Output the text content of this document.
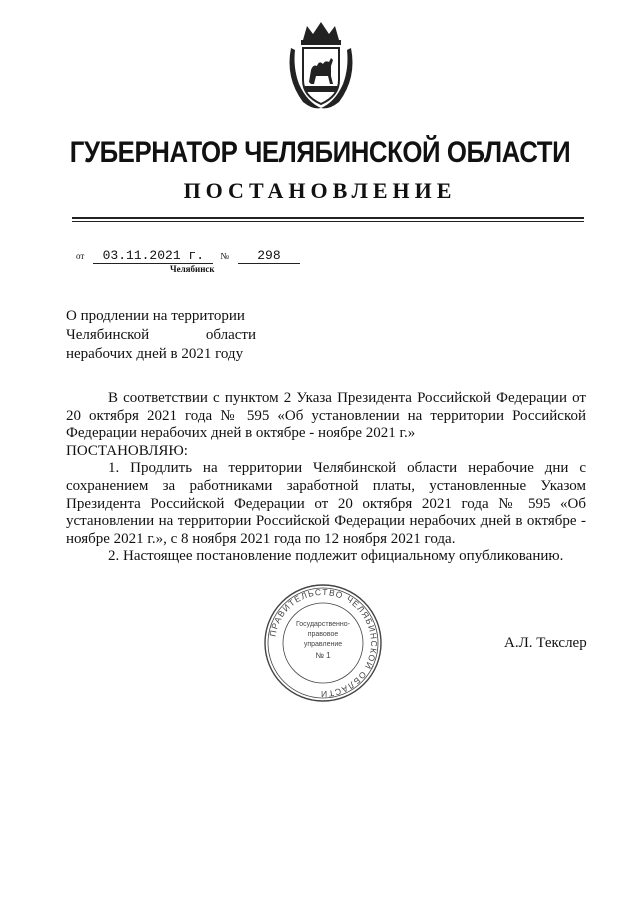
ГУБЕРНАТОР ЧЕЛЯБИНСКОЙ ОБЛАСТИ
ПОСТАНОВЛЕНИЕ
от 03.11.2021 г. № 298
Челябинск
О продлении на территории
Челябинской	области
нерабочих дней в 2021 году

В соответствии с пунктом 2 Указа Президента Российской Федерации от 20 октября 2021 года № 595 «Об установлении на территории Российской Федерации нерабочих дней в октябре - ноябре 2021 г.»

ПОСТАНОВЛЯЮ:

1. Продлить на территории Челябинской области нерабочие дни с сохранением за работниками заработной платы, установленные Указом Президента Российской Федерации от 20 октября 2021 года № 595 «Об установлении на территории Российской Федерации нерабочих дней в октябре - ноябре 2021 г.», с 8 ноября 2021 года по 12 ноября 2021 года.

2. Настоящее постановление подлежит официальному опубликованию.

ПРАВИТЕЛЬСТВО ЧЕЛЯБИНСКОЙ ОБЛАСТИ
Государственно-
правовое
управление
№ 1
А.Л. Текслер
